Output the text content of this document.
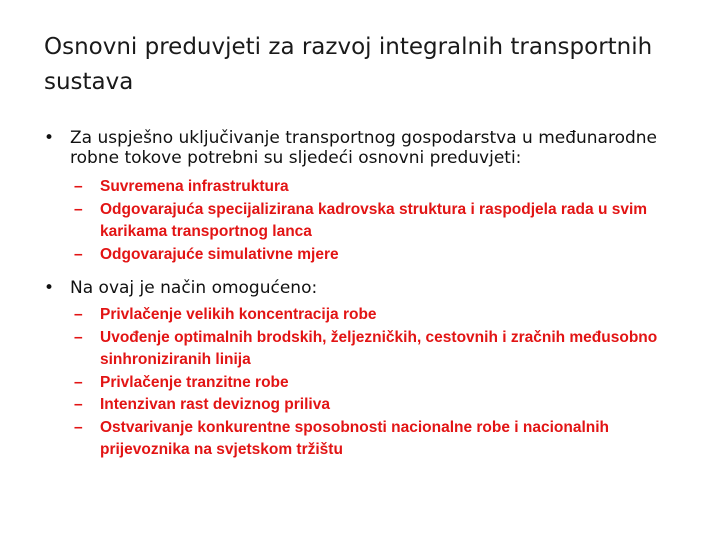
Osnovni preduvjeti za razvoj integralnih transportnih sustava
• Za uspješno uključivanje transportnog gospodarstva u međunarodne robne tokove potrebni su sljedeći osnovni preduvjeti:
– Suvremena infrastruktura
– Odgovarajuća specijalizirana kadrovska struktura i raspodjela rada u svim karikama transportnog lanca
– Odgovarajuće simulativne mjere
• Na ovaj je način omogućeno:
– Privlačenje velikih koncentracija robe
– Uvođenje optimalnih brodskih, željezničkih, cestovnih i zračnih međusobno sinhroniziranih linija
– Privlačenje tranzitne robe
– Intenzivan rast deviznog priliva
– Ostvarivanje konkurentne sposobnosti nacionalne robe i nacionalnih prijevoznika na svjetskom tržištu
